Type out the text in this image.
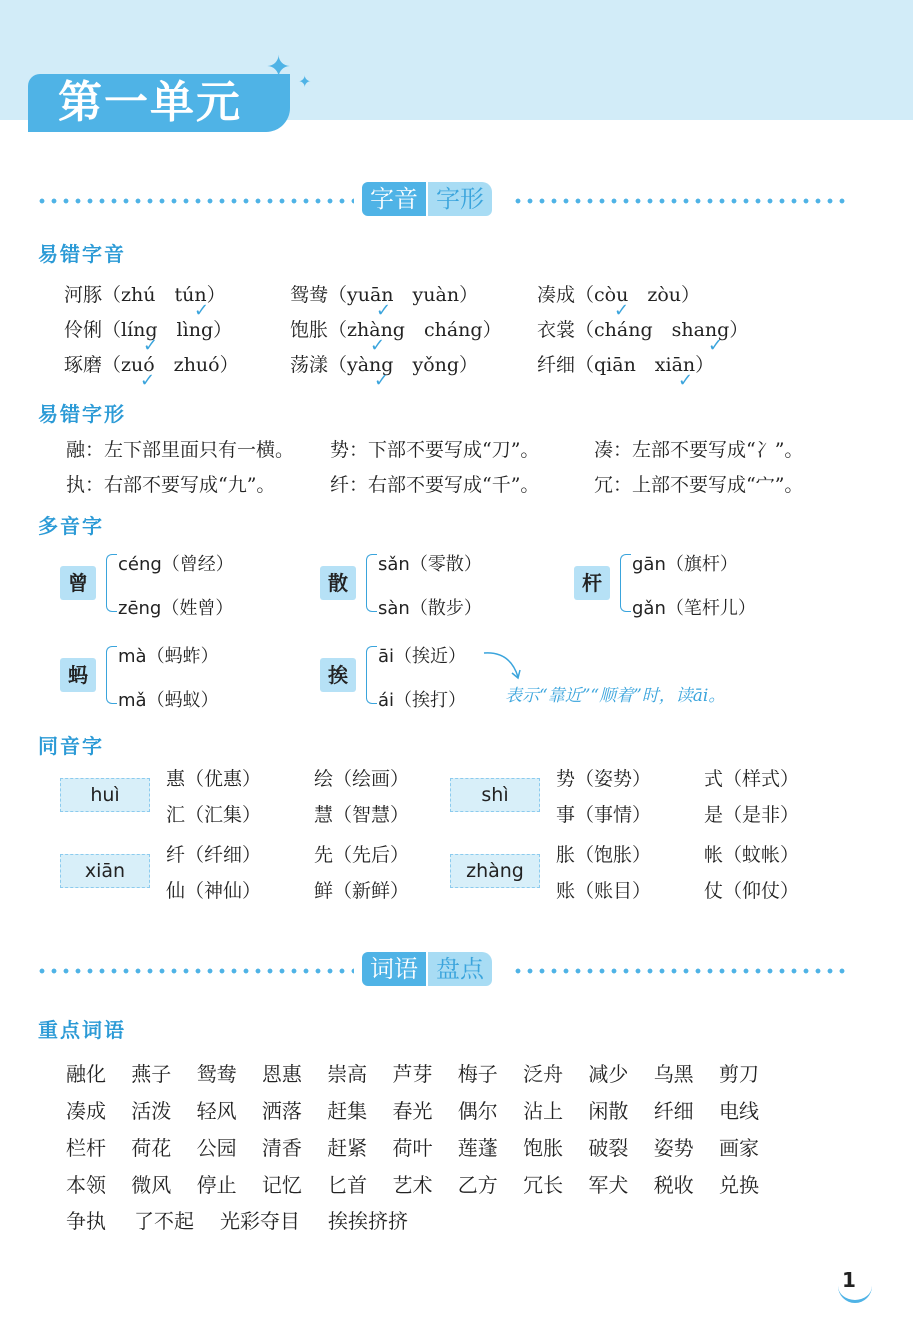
第一单元
✦ ✦
字音 字形
易错字音
河豚（zhú　tún）	鸳鸯（yuān　yuàn）	凑成（còu　zòu）
伶俐（líng　lìng）	饱胀（zhàng　cháng） 衣裳（cháng　shang）
琢磨（zuó　zhuó）	荡漾（yàng　yǒng）	纤细（qiān　xiān）
✓	✓	✓
✓	✓	✓
✓	✓	✓
易错字形
融：左下部里面只有一横。 势：下部不要写成“刀”。	凑：左部不要写成“冫”。
执：右部不要写成“九”。	纤：右部不要写成“千”。	冗：上部不要写成“宀”。
多音字
曾
céng（曾经）
zēng（姓曾）
散
sǎn（零散）
sàn（散步）
杆
gān（旗杆）
gǎn（笔杆儿）
蚂
mà（蚂蚱）
mǎ（蚂蚁）
挨
āi（挨近）
ái（挨打） 表示“靠近”“顺着”时，读āi。
同音字
huì
惠（优惠）	绘（绘画）
汇（汇集）	慧（智慧）
shì
势（姿势）	式（样式）
事（事情）	是（是非）
xiān
纤（纤细）	先（先后）
仙（神仙）	鲜（新鲜）
zhàng
胀（饱胀）	帐（蚊帐）
账（账目）	仗（仰仗）
词语 盘点
重点词语
融化 燕子 鸳鸯 恩惠 崇高 芦芽 梅子 泛舟 减少 乌黑 剪刀
凑成 活泼 轻风 洒落 赶集 春光 偶尔 沾上 闲散 纤细 电线
栏杆 荷花 公园 清香 赶紧 荷叶 莲蓬 饱胀 破裂 姿势 画家
本领 微风 停止 记忆 匕首 艺术 乙方 冗长 军犬 税收 兑换
争执 了不起 光彩夺目 挨挨挤挤
1
